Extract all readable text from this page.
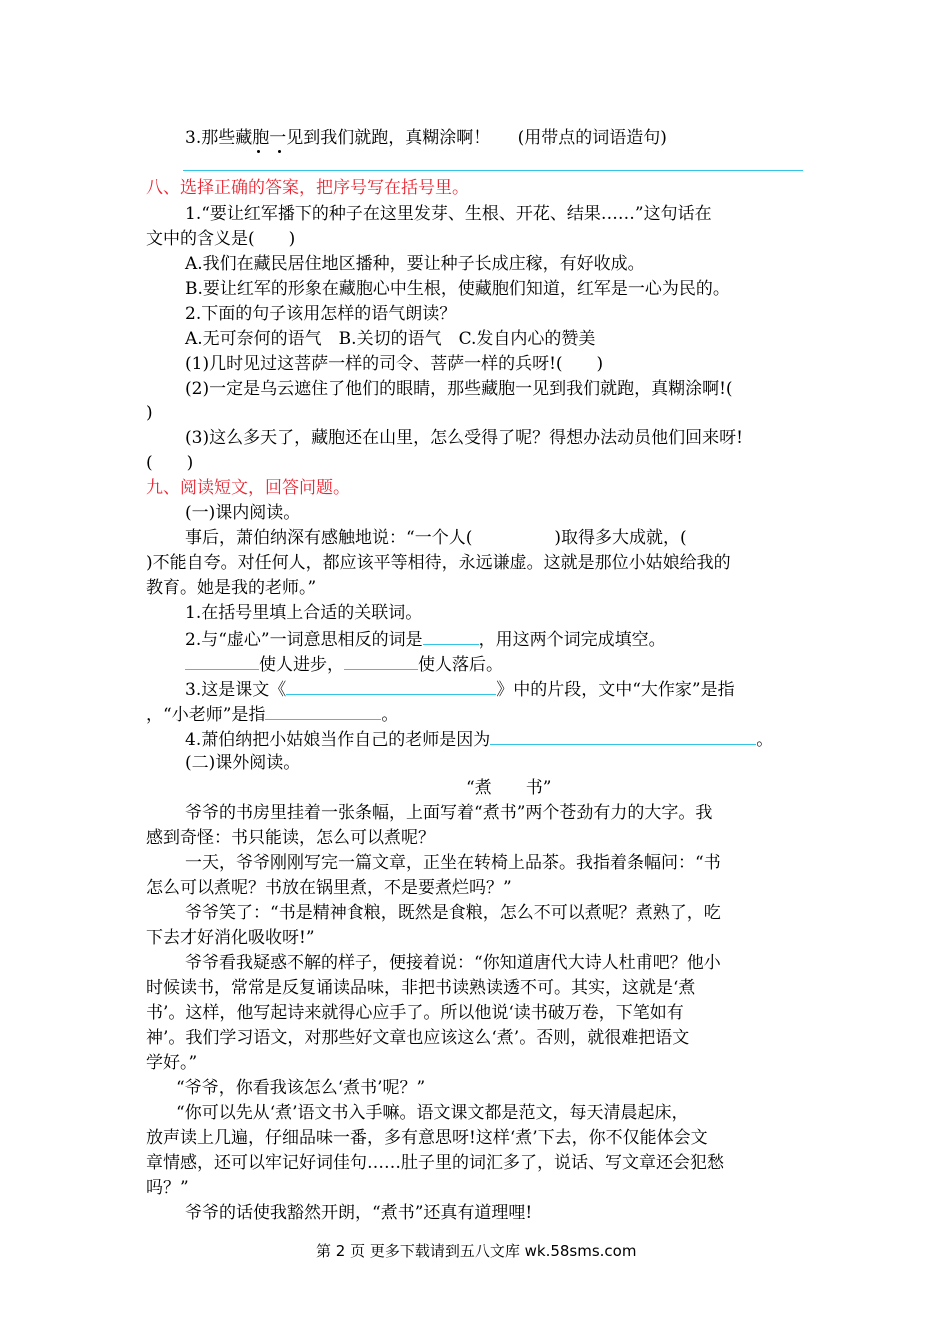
3.那些藏胞一见到我们就跑，真糊涂啊！ (用带点的词语造句)
八、选择正确的答案，把序号写在括号里。
1.“要让红军播下的种子在这里发芽、生根、开花、结果……”这句话在
文中的含义是(　　)
A.我们在藏民居住地区播种，要让种子长成庄稼，有好收成。
B.要让红军的形象在藏胞心中生根，使藏胞们知道，红军是一心为民的。
2.下面的句子该用怎样的语气朗读？
A.无可奈何的语气　B.关切的语气　C.发自内心的赞美
(1)几时见过这菩萨一样的司令、菩萨一样的兵呀!(　　)
(2)一定是乌云遮住了他们的眼睛，那些藏胞一见到我们就跑，真糊涂啊!(
)
(3)这么多天了，藏胞还在山里，怎么受得了呢？得想办法动员他们回来呀!
(　　)
九、阅读短文，回答问题。
(一)课内阅读。
事后，萧伯纳深有感触地说：“一个人(	)取得多大成就，(
)不能自夸。对任何人，都应该平等相待，永远谦虚。这就是那位小姑娘给我的
教育。她是我的老师。”
1.在括号里填上合适的关联词。
2.与“虚心”一词意思相反的词是	，用这两个词完成填空。
使人进步，	使人落后。
3.这是课文《	》中的片段，文中“大作家”是指
，“小老师”是指	。
4.萧伯纳把小姑娘当作自己的老师是因为	。
(二)课外阅读。
“煮　　书”
爷爷的书房里挂着一张条幅，上面写着“煮书”两个苍劲有力的大字。我
感到奇怪：书只能读，怎么可以煮呢？
一天，爷爷刚刚写完一篇文章，正坐在转椅上品茶。我指着条幅问：“书
怎么可以煮呢？书放在锅里煮，不是要煮烂吗？”
爷爷笑了：“书是精神食粮，既然是食粮，怎么不可以煮呢？煮熟了，吃
下去才好消化吸收呀!”
爷爷看我疑惑不解的样子，便接着说：“你知道唐代大诗人杜甫吧？他小
时候读书，常常是反复诵读品味，非把书读熟读透不可。其实，这就是‘煮
书’。这样，他写起诗来就得心应手了。所以他说‘读书破万卷，下笔如有
神’。我们学习语文，对那些好文章也应该这么‘煮’。否则，就很难把语文
学好。”
“爷爷，你看我该怎么‘煮书’呢？”
“你可以先从‘煮’语文书入手嘛。语文课文都是范文，每天清晨起床，
放声读上几遍，仔细品味一番，多有意思呀!这样‘煮’下去，你不仅能体会文
章情感，还可以牢记好词佳句……肚子里的词汇多了，说话、写文章还会犯愁
吗？”
爷爷的话使我豁然开朗，“煮书”还真有道理哩!
第 2 页 更多下载请到五八文库 wk.58sms.com
